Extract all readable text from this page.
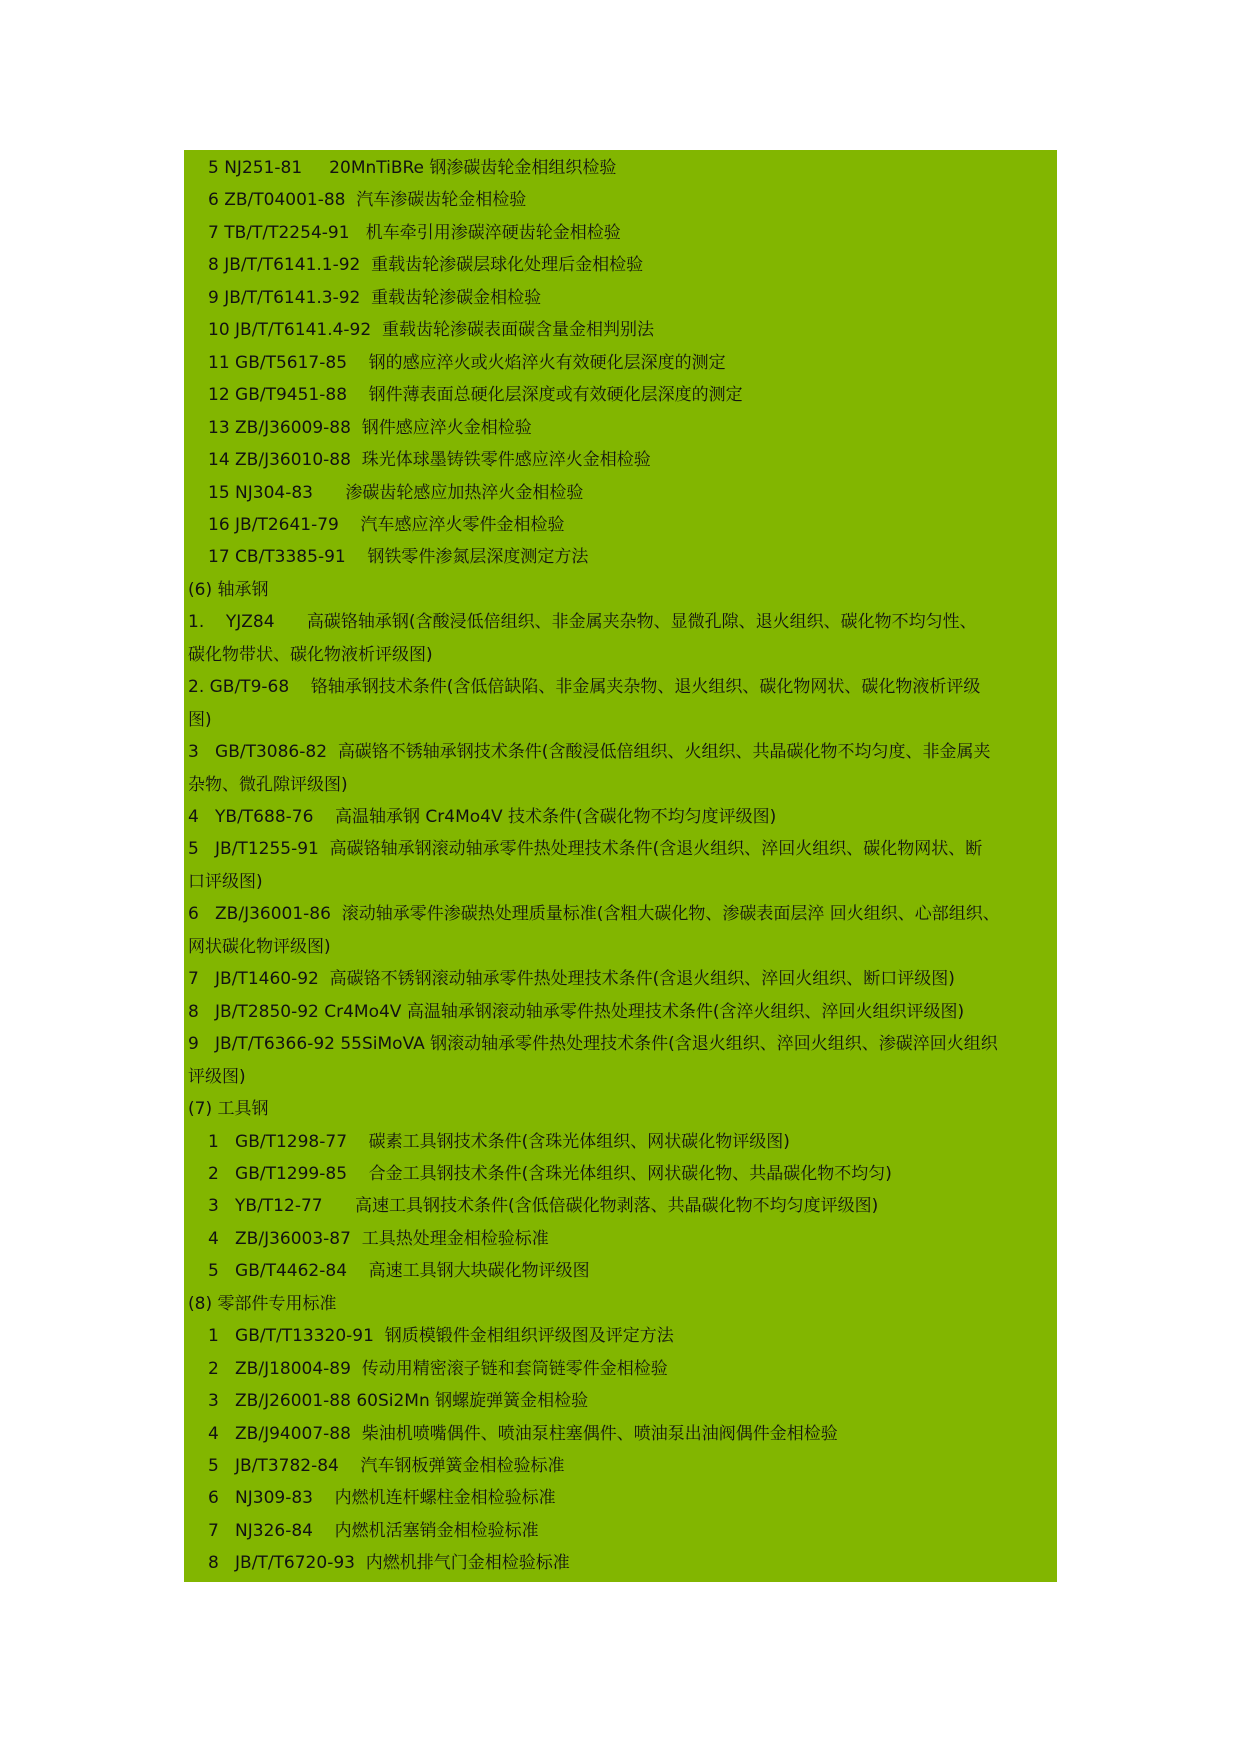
5 NJ251-81     20MnTiBRe 钢渗碳齿轮金相组织检验
6 ZB/T04001-88  汽车渗碳齿轮金相检验
7 TB/T/T2254-91   机车牵引用渗碳淬硬齿轮金相检验
8 JB/T/T6141.1-92  重载齿轮渗碳层球化处理后金相检验
9 JB/T/T6141.3-92  重载齿轮渗碳金相检验
10 JB/T/T6141.4-92  重载齿轮渗碳表面碳含量金相判别法
11 GB/T5617-85    钢的感应淬火或火焰淬火有效硬化层深度的测定
12 GB/T9451-88    钢件薄表面总硬化层深度或有效硬化层深度的测定
13 ZB/J36009-88  钢件感应淬火金相检验
14 ZB/J36010-88  珠光体球墨铸铁零件感应淬火金相检验
15 NJ304-83      渗碳齿轮感应加热淬火金相检验
16 JB/T2641-79    汽车感应淬火零件金相检验
17 CB/T3385-91    钢铁零件渗氮层深度测定方法
(6) 轴承钢
1.    YJZ84      高碳铬轴承钢(含酸浸低倍组织、非金属夹杂物、显微孔隙、退火组织、碳化物不均匀性、
碳化物带状、碳化物液析评级图)
2. GB/T9-68    铬轴承钢技术条件(含低倍缺陷、非金属夹杂物、退火组织、碳化物网状、碳化物液析评级
图)
3   GB/T3086-82  高碳铬不锈轴承钢技术条件(含酸浸低倍组织、火组织、共晶碳化物不均匀度、非金属夹
杂物、微孔隙评级图)
4   YB/T688-76    高温轴承钢 Cr4Mo4V 技术条件(含碳化物不均匀度评级图)
5   JB/T1255-91  高碳铬轴承钢滚动轴承零件热处理技术条件(含退火组织、淬回火组织、碳化物网状、断
口评级图)
6   ZB/J36001-86  滚动轴承零件渗碳热处理质量标准(含粗大碳化物、渗碳表面层淬 回火组织、心部组织、
网状碳化物评级图)
7   JB/T1460-92  高碳铬不锈钢滚动轴承零件热处理技术条件(含退火组织、淬回火组织、断口评级图)
8   JB/T2850-92 Cr4Mo4V 高温轴承钢滚动轴承零件热处理技术条件(含淬火组织、淬回火组织评级图)
9   JB/T/T6366-92 55SiMoVA 钢滚动轴承零件热处理技术条件(含退火组织、淬回火组织、渗碳淬回火组织
评级图)
(7) 工具钢
1   GB/T1298-77    碳素工具钢技术条件(含珠光体组织、网状碳化物评级图)
2   GB/T1299-85    合金工具钢技术条件(含珠光体组织、网状碳化物、共晶碳化物不均匀)
3   YB/T12-77      高速工具钢技术条件(含低倍碳化物剥落、共晶碳化物不均匀度评级图)
4   ZB/J36003-87  工具热处理金相检验标准
5   GB/T4462-84    高速工具钢大块碳化物评级图
(8) 零部件专用标准
1   GB/T/T13320-91  钢质模锻件金相组织评级图及评定方法
2   ZB/J18004-89  传动用精密滚子链和套筒链零件金相检验
3   ZB/J26001-88 60Si2Mn 钢螺旋弹簧金相检验
4   ZB/J94007-88  柴油机喷嘴偶件、喷油泵柱塞偶件、喷油泵出油阀偶件金相检验
5   JB/T3782-84    汽车钢板弹簧金相检验标准
6   NJ309-83    内燃机连杆螺柱金相检验标准
7   NJ326-84    内燃机活塞销金相检验标准
8   JB/T/T6720-93  内燃机排气门金相检验标准
